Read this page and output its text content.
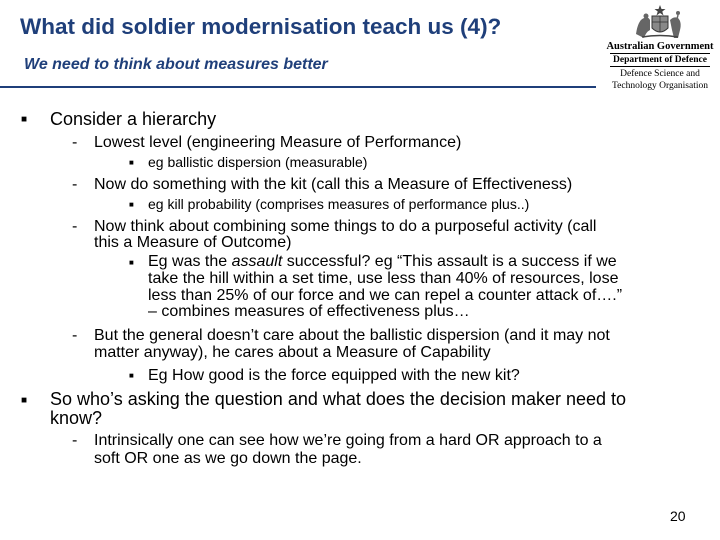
What did soldier modernisation teach us (4)?
We need to think about measures better
Australian Government
Department of Defence
Defence Science and
Technology Organisation
■ Consider a hierarchy
- Lowest level (engineering Measure of Performance)
■ eg ballistic dispersion (measurable)
- Now do something with the kit (call this a Measure of Effectiveness)
■ eg kill probability (comprises measures of performance plus..)
- Now think about combining some things to do a purposeful activity (call
this a Measure of Outcome)
■ Eg was the assault successful? eg “This assault is a success if we
take the hill within a set time, use less than 40% of resources, lose
less than 25% of our force and we can repel a counter attack of….”
– combines measures of effectiveness plus…
- But the general doesn’t care about the ballistic dispersion (and it may not
matter anyway), he cares about a Measure of Capability
■ Eg How good is the force equipped with the new kit?
■ So who’s asking the question and what does the decision maker need to
know?
- Intrinsically one can see how we’re going from a hard OR approach to a
soft OR one as we go down the page.
20
